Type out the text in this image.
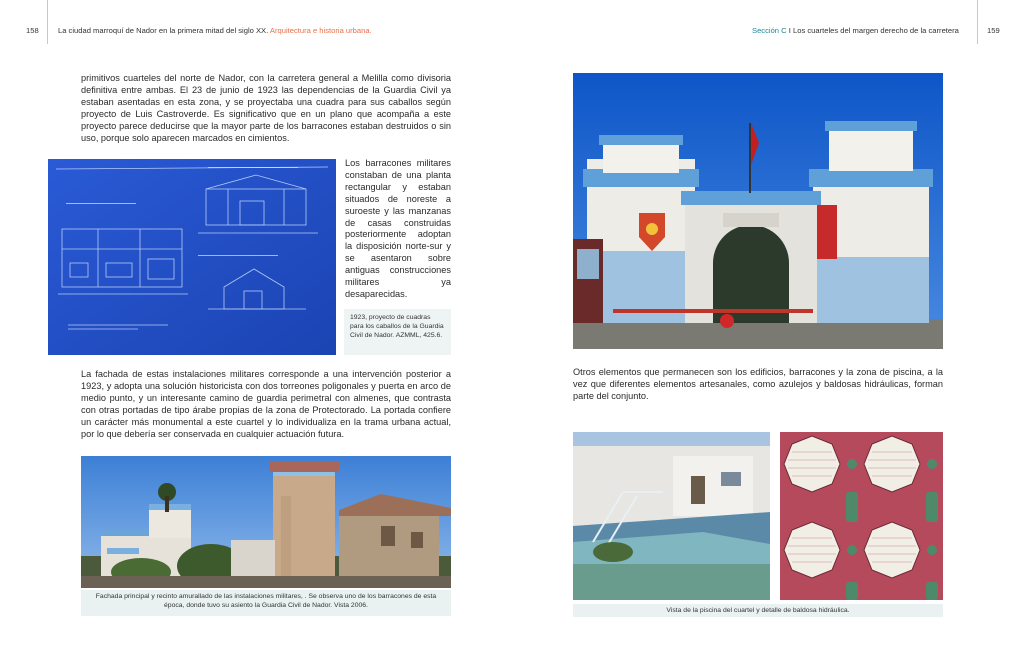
158	La ciudad marroquí de Nador en la primera mitad del siglo XX. Arquitectura e historia urbana.

primitivos cuarteles del norte de Nador, con la carretera general a Melilla como divisoria definitiva entre ambas. El 23 de junio de 1923 las dependencias de la Guardia Civil ya estaban asentadas en esta zona, y se proyectaba una cuadra para sus caballos según proyecto de Luis Castroverde. Es significativo que en un plano que acompaña a este proyecto parece deducirse que la mayor parte de los barracones estaban destruidos o sin uso, porque solo aparecen marcados en cimientos.

Los barracones militares constaban de una planta rectangular y estaban situados de noreste a suroeste y las manzanas de casas construidas posteriormente adoptan la disposición norte-sur y se asentaron sobre antiguas construcciones militares ya desaparecidas.

1923, proyecto de cuadras para los caballos de la Guardia Civil de Nador. AZMML, 425.6.

La fachada de estas instalaciones militares corresponde a una intervención posterior a 1923, y adopta una solución historicista con dos torreones poligonales y puerta en arco de medio punto, y un interesante camino de guardia perimetral con almenes, que contrasta con otras portadas de tipo árabe propias de la zona de Protectorado. La portada confiere un carácter más monumental a este cuartel y lo individualiza en la trama urbana actual, por lo que debería ser conservada en cualquier actuación futura.

Fachada principal y recinto amurallado de las instalaciones militares, . Se observa uno de los barracones de esta época, donde tuvo su asiento la Guardia Civil de Nador. Vista 2006.
Sección C I Los cuarteles del margen derecho de la carretera	159

Otros elementos que permanecen son los edificios, barracones y la zona de piscina, a la vez que diferentes elementos artesanales, como azulejos y baldosas hidráulicas, forman parte del conjunto.

Vista de la piscina del cuartel y detalle de baldosa hidráulica.
